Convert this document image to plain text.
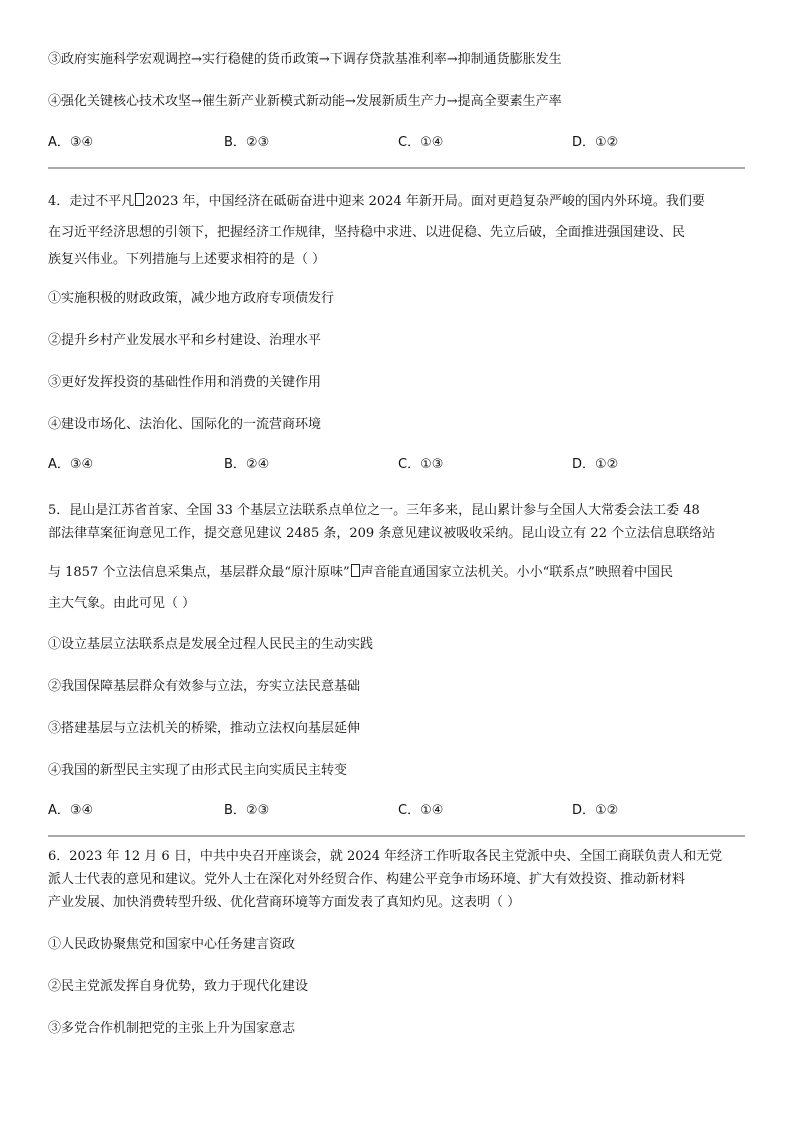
③政府实施科学宏观调控→实行稳健的货币政策→下调存贷款基准利率→抑制通货膨胀发生
④强化关键核心技术攻坚→催生新产业新模式新动能→发展新质生产力→提高全要素生产率
A．③④	B．②③	C．①④	D．①②
4．走过不平凡 2023 年，中国经济在砥砺奋进中迎来 2024 年新开局。面对更趋复杂严峻的国内外环境。我们要
在习近平经济思想的引领下，把握经济工作规律，坚持稳中求进、以进促稳、先立后破，全面推进强国建设、民
族复兴伟业。下列措施与上述要求相符的是（ ）
①实施积极的财政政策，减少地方政府专项债发行
②提升乡村产业发展水平和乡村建设、治理水平
③更好发挥投资的基础性作用和消费的关键作用
④建设市场化、法治化、国际化的一流营商环境
A．③④	B．②④	C．①③	D．①②
5．昆山是江苏省首家、全国 33 个基层立法联系点单位之一。三年多来，昆山累计参与全国人大常委会法工委 48
部法律草案征询意见工作，提交意见建议 2485 条，209 条意见建议被吸收采纳。昆山设立有 22 个立法信息联络站
与 1857 个立法信息采集点，基层群众最“原汁原味” 声音能直通国家立法机关。小小“联系点”映照着中国民
主大气象。由此可见（ ）
①设立基层立法联系点是发展全过程人民民主的生动实践
②我国保障基层群众有效参与立法，夯实立法民意基础
③搭建基层与立法机关的桥梁，推动立法权向基层延伸
④我国的新型民主实现了由形式民主向实质民主转变
A．③④	B．②③	C．①④	D．①②
6．2023 年 12 月 6 日，中共中央召开座谈会，就 2024 年经济工作听取各民主党派中央、全国工商联负责人和无党
派人士代表的意见和建议。党外人士在深化对外经贸合作、构建公平竞争市场环境、扩大有效投资、推动新材料
产业发展、加快消费转型升级、优化营商环境等方面发表了真知灼见。这表明（ ）
①人民政协聚焦党和国家中心任务建言资政
②民主党派发挥自身优势，致力于现代化建设
③多党合作机制把党的主张上升为国家意志
